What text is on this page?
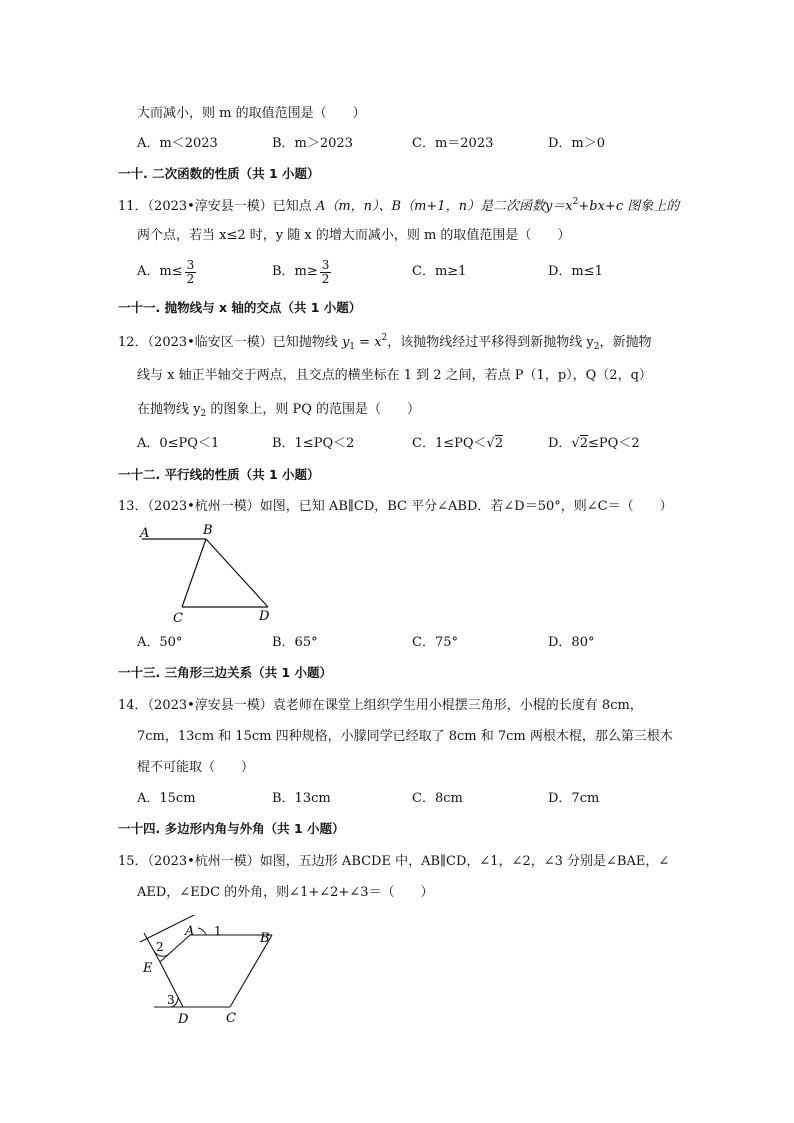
大而减小，则 m 的取值范围是（　　）
A．m＜2023	B．m＞2023	C．m＝2023	D．m＞0
一十. 二次函数的性质（共 1 小题）
11．（2023•淳安县一模）已知点 A（m，n）、B（m+1，n）是二次函数$y=x^2+bx+c$ 图象上的
两个点，若当 x≤2 时，y 随 x 的增大而减小，则 m 的取值范围是（　　）
A．$m\le \frac{3}{2}$	B．$m\ge \frac{3}{2}$	C．m≥1	D．m≤1
一十一. 抛物线与 x 轴的交点（共 1 小题）
12．（2023•临安区一模）已知抛物线 $y_1 = x^2$，该抛物线经过平移得到新抛物线 $y_2$，新抛物
线与 x 轴正半轴交于两点，且交点的横坐标在 1 到 2 之间，若点 P（1，p），Q（2，q）
在抛物线 $y_2$ 的图象上，则 PQ 的范围是（　　）
A．0≤PQ＜1	B．1≤PQ＜2	C．1≤PQ＜√2	D．√2≤PQ＜2
一十二. 平行线的性质（共 1 小题）
13．（2023•杭州一模）如图，已知 AB∥CD，BC 平分∠ABD．若∠D＝50°，则∠C＝（　　）
A	B
C	D
A．50°	B．65°	C．75°	D．80°
一十三. 三角形三边关系（共 1 小题）
14．（2023•淳安县一模）袁老师在课堂上组织学生用小棍摆三角形，小棍的长度有 8cm，
7cm，13cm 和 15cm 四种规格，小朦同学已经取了 8cm 和 7cm 两根木棍，那么第三根木
棍不可能取（　　）
A．15cm	B．13cm	C．8cm	D．7cm
一十四. 多边形内角与外角（共 1 小题）
15．（2023•杭州一模）如图，五边形 ABCDE 中，AB∥CD，∠1，∠2，∠3 分别是∠BAE，∠
AED，∠EDC 的外角，则∠1+∠2+∠3＝（　　）
A	B
C
D
E
1
2
3
